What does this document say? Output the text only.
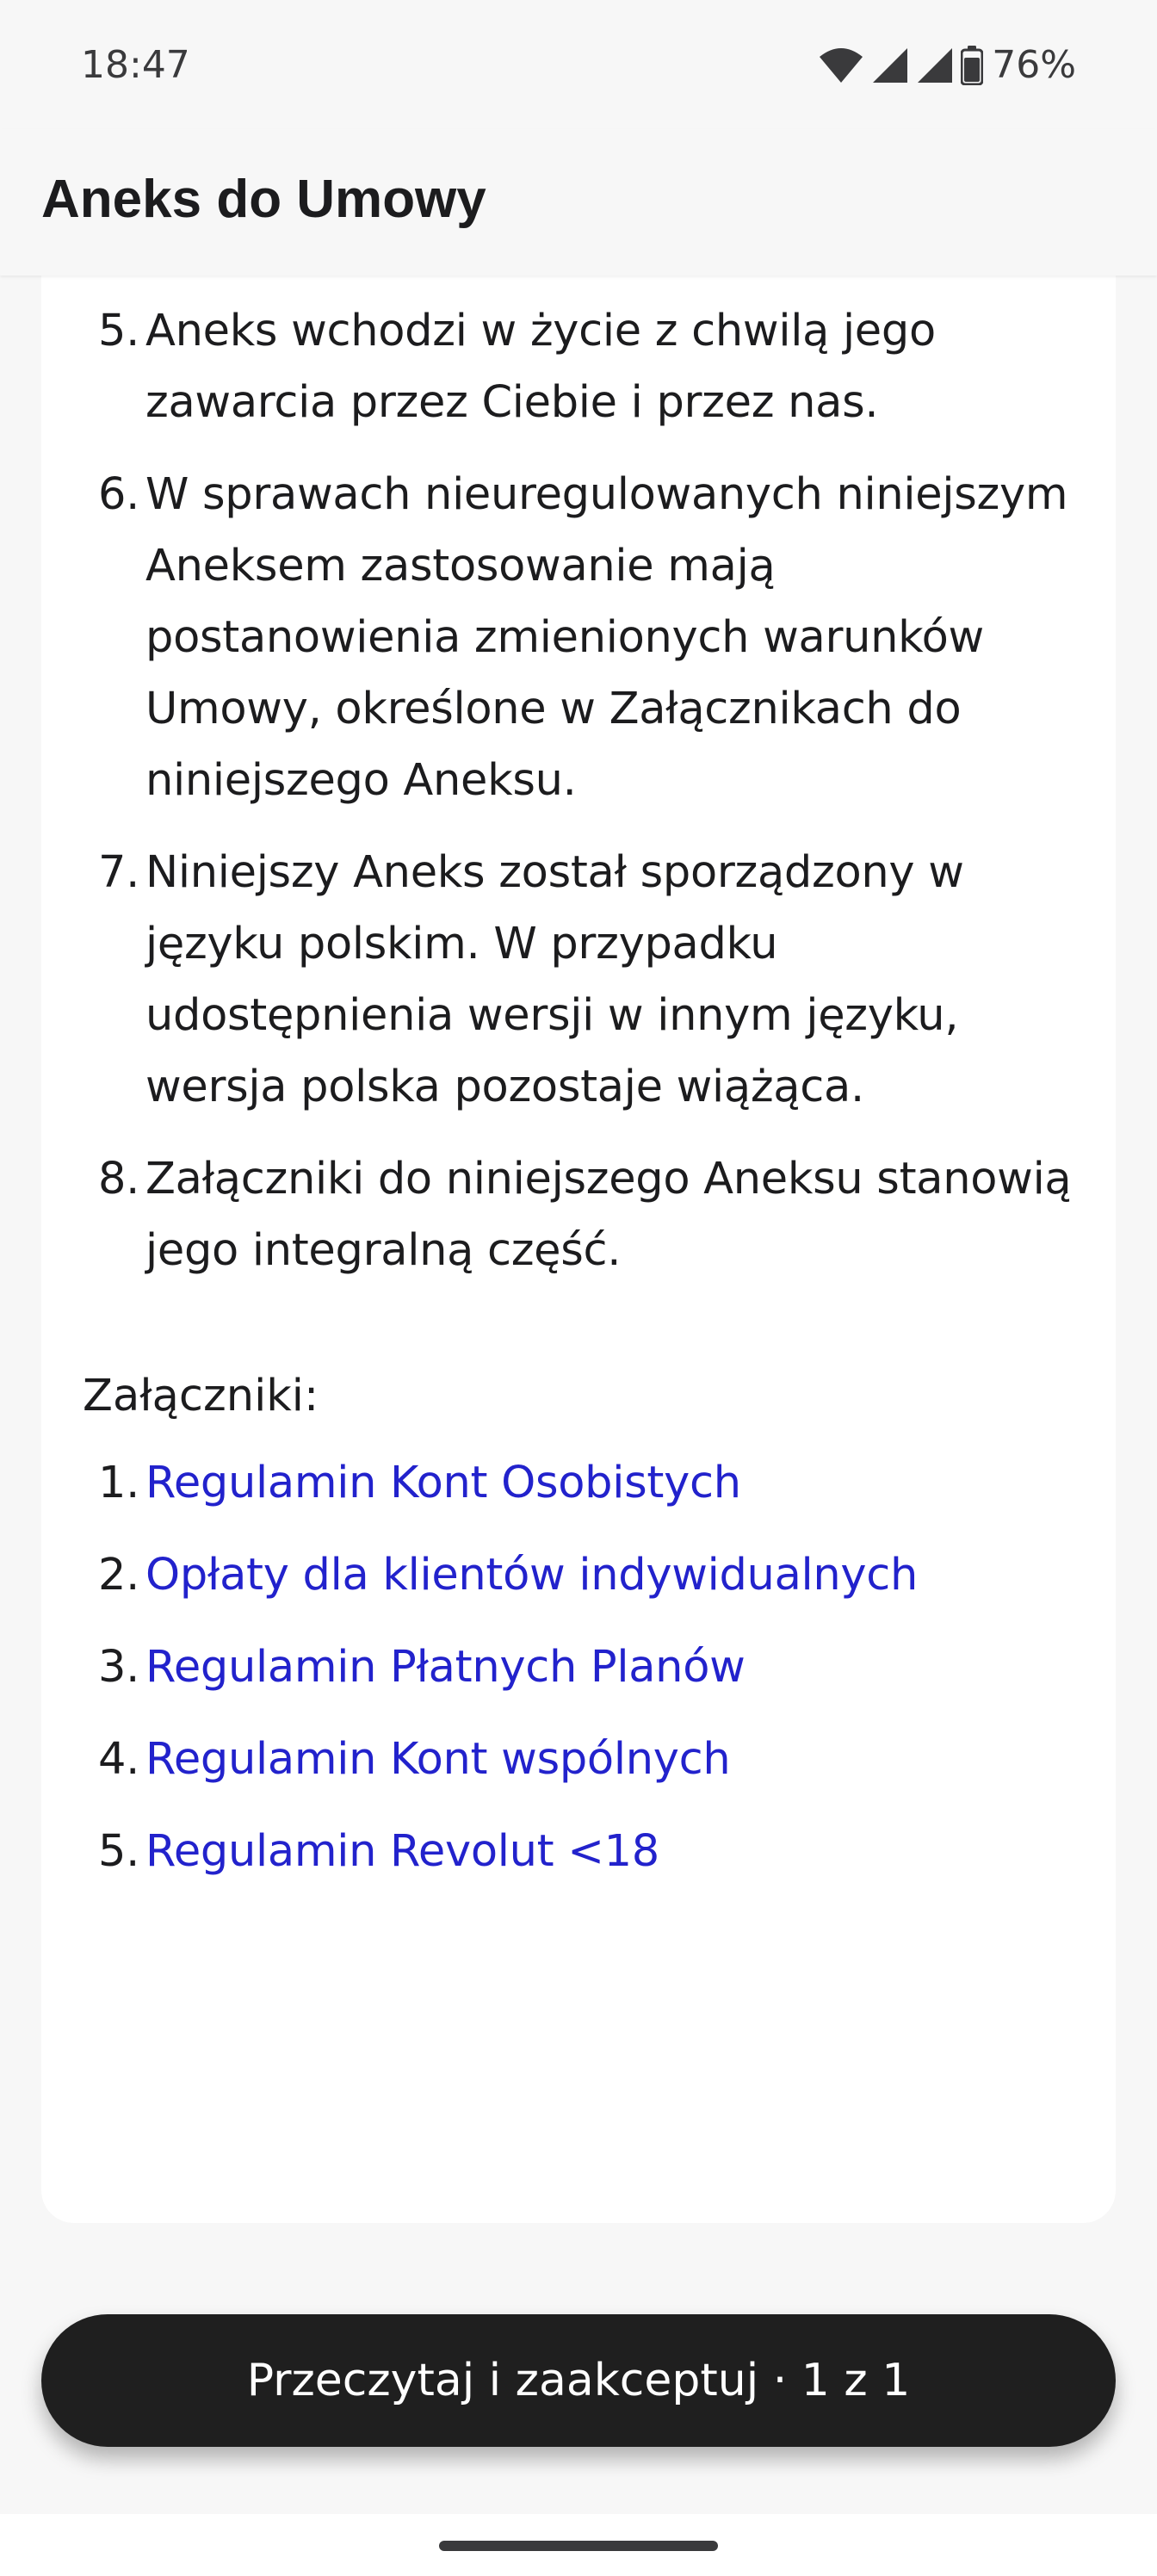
18:47	76%
Aneks do Umowy
5. Aneks wchodzi w życie z chwilą jego zawarcia przez Ciebie i przez nas.
6. W sprawach nieuregulowanych niniejszym Aneksem zastosowanie mają postanowienia zmienionych warunków Umowy, określone w Załącznikach do niniejszego Aneksu.
7. Niniejszy Aneks został sporządzony w języku polskim. W przypadku udostępnienia wersji w innym języku, wersja polska pozostaje wiążąca.
8. Załączniki do niniejszego Aneksu stanowią jego integralną część.
Załączniki:
1. Regulamin Kont Osobistych
2. Opłaty dla klientów indywidualnych
3. Regulamin Płatnych Planów
4. Regulamin Kont wspólnych
5. Regulamin Revolut <18
Przeczytaj i zaakceptuj · 1 z 1
